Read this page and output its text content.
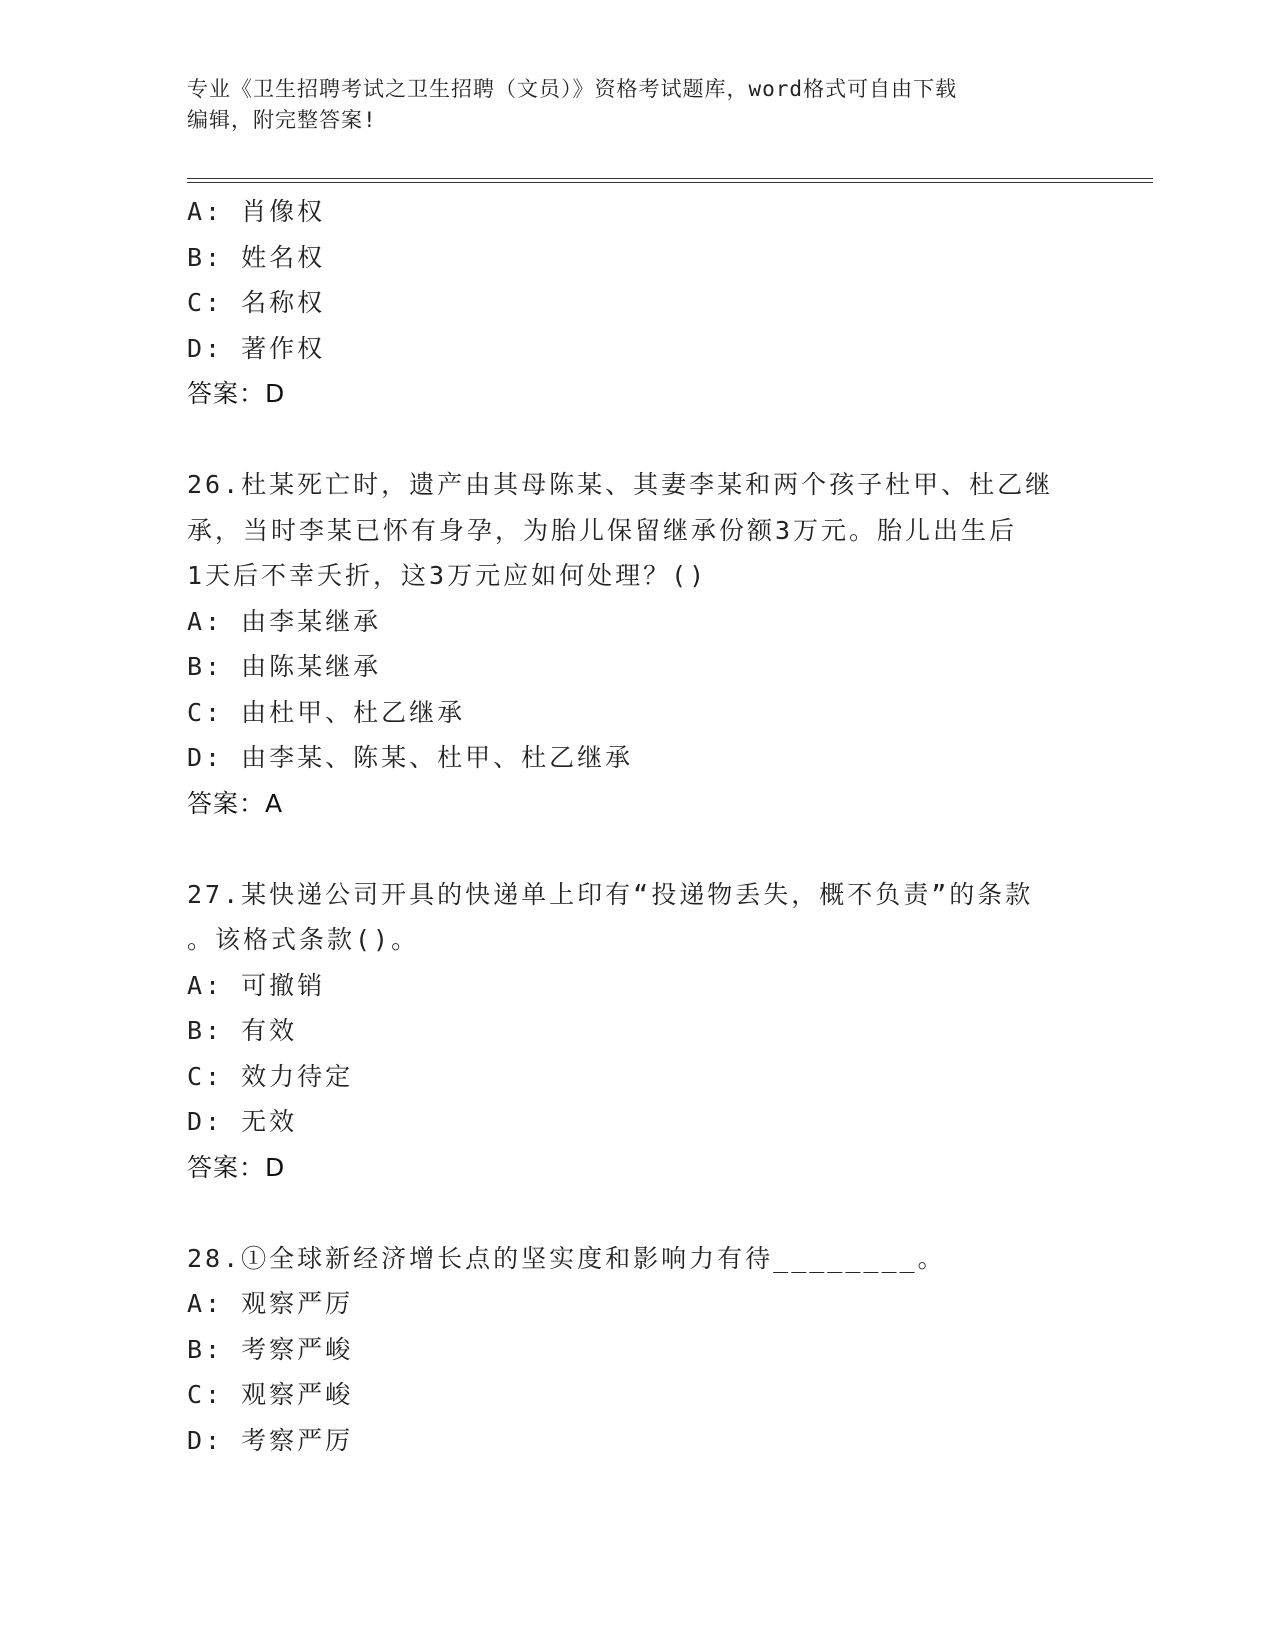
专业《卫生招聘考试之卫生招聘（文员）》资格考试题库，word格式可自由下载
编辑，附完整答案!
A: 肖像权
B: 姓名权
C: 名称权
D: 著作权
答案：D
26.杜某死亡时，遗产由其母陈某、其妻李某和两个孩子杜甲、杜乙继
承，当时李某已怀有身孕，为胎儿保留继承份额3万元。胎儿出生后
1天后不幸夭折，这3万元应如何处理？()
A: 由李某继承
B: 由陈某继承
C: 由杜甲、杜乙继承
D: 由李某、陈某、杜甲、杜乙继承
答案：A
27.某快递公司开具的快递单上印有“投递物丢失，概不负责”的条款
。该格式条款()。
A: 可撤销
B: 有效
C: 效力待定
D: 无效
答案：D
28.①全球新经济增长点的坚实度和影响力有待________。
A: 观察严厉
B: 考察严峻
C: 观察严峻
D: 考察严厉
